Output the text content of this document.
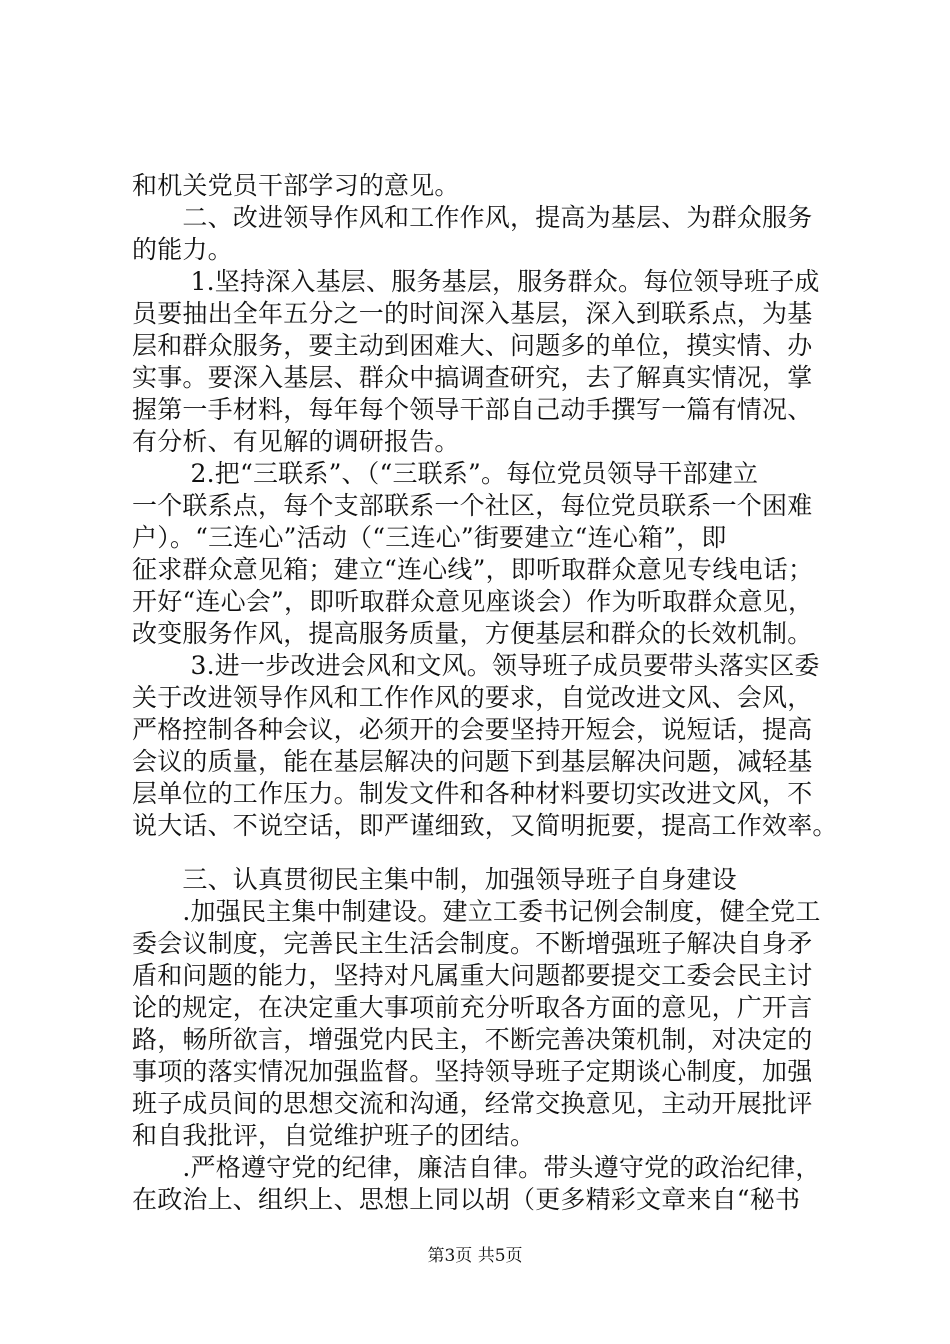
和机关党员干部学习的意见。
　　二、改进领导作风和工作作风，提高为基层、为群众服务
的能力。
　　 1.坚持深入基层、服务基层，服务群众。每位领导班子成
员要抽出全年五分之一的时间深入基层，深入到联系点，为基
层和群众服务，要主动到困难大、问题多的单位，摸实情、办
实事。要深入基层、群众中搞调查研究，去了解真实情况，掌
握第一手材料，每年每个领导干部自己动手撰写一篇有情况、
有分析、有见解的调研报告。
　　 2.把“三联系”、（“三联系”。每位党员领导干部建立
一个联系点，每个支部联系一个社区，每位党员联系一个困难
户）。“三连心”活动（“三连心”街要建立“连心箱”，即
征求群众意见箱；建立“连心线”，即听取群众意见专线电话；
开好“连心会”，即听取群众意见座谈会）作为听取群众意见，
改变服务作风，提高服务质量，方便基层和群众的长效机制。
　　 3.进一步改进会风和文风。领导班子成员要带头落实区委
关于改进领导作风和工作作风的要求，自觉改进文风、会风，
严格控制各种会议，必须开的会要坚持开短会，说短话，提高
会议的质量，能在基层解决的问题下到基层解决问题，减轻基
层单位的工作压力。制发文件和各种材料要切实改进文风，不
说大话、不说空话，即严谨细致，又简明扼要，提高工作效率。
　　三、认真贯彻民主集中制，加强领导班子自身建设
　　.加强民主集中制建设。建立工委书记例会制度，健全党工
委会议制度，完善民主生活会制度。不断增强班子解决自身矛
盾和问题的能力，坚持对凡属重大问题都要提交工委会民主讨
论的规定，在决定重大事项前充分听取各方面的意见，广开言
路，畅所欲言，增强党内民主，不断完善决策机制，对决定的
事项的落实情况加强监督。坚持领导班子定期谈心制度，加强
班子成员间的思想交流和沟通，经常交换意见，主动开展批评
和自我批评，自觉维护班子的团结。
　　.严格遵守党的纪律，廉洁自律。带头遵守党的政治纪律，
在政治上、组织上、思想上同以胡（更多精彩文章来自“秘书
第3页 共5页
